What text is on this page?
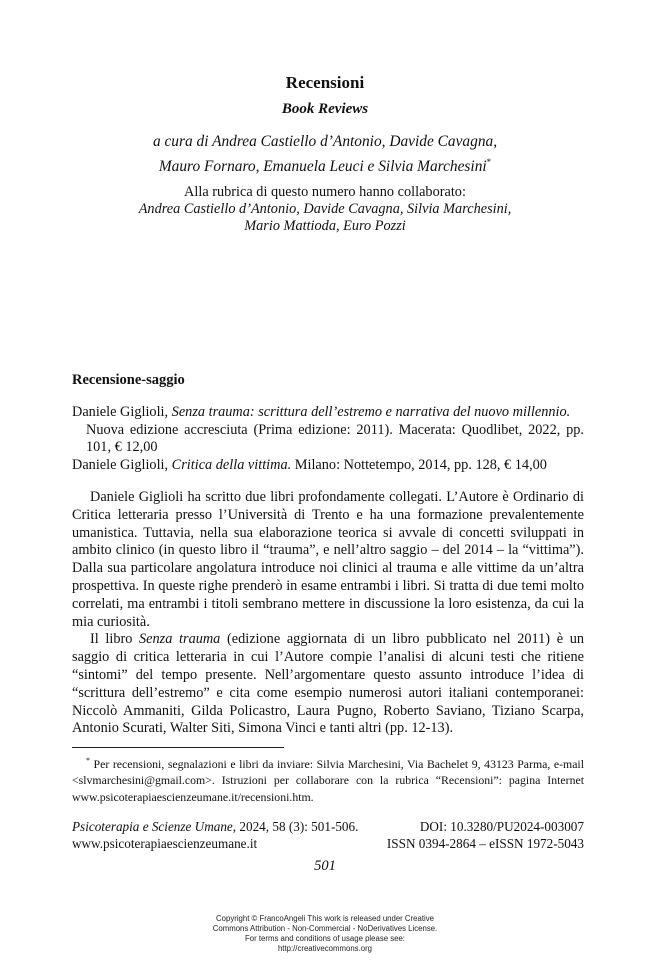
Recensioni
Book Reviews
a cura di Andrea Castiello d’Antonio, Davide Cavagna,
Mauro Fornaro, Emanuela Leuci e Silvia Marchesini*
Alla rubrica di questo numero hanno collaborato:
Andrea Castiello d’Antonio, Davide Cavagna, Silvia Marchesini,
Mario Mattioda, Euro Pozzi
Recensione-saggio
Daniele Giglioli, Senza trauma: scrittura dell’estremo e narrativa del nuovo millennio.
Nuova edizione accresciuta (Prima edizione: 2011). Macerata: Quodlibet, 2022, pp. 101, € 12,00
Daniele Giglioli, Critica della vittima. Milano: Nottetempo, 2014, pp. 128, € 14,00

Daniele Giglioli ha scritto due libri profondamente collegati. L’Autore è Ordinario di Critica letteraria presso l’Università di Trento e ha una formazione prevalentemente umanistica. Tuttavia, nella sua elaborazione teorica si avvale di concetti sviluppati in ambito clinico (in questo libro il “trauma”, e nell’altro saggio – del 2014 – la “vittima”). Dalla sua particolare angolatura introduce noi clinici al trauma e alle vittime da un’altra prospettiva. In queste righe prenderò in esame entrambi i libri. Si tratta di due temi molto correlati, ma entrambi i titoli sembrano mettere in discussione la loro esistenza, da cui la mia curiosità.

Il libro Senza trauma (edizione aggiornata di un libro pubblicato nel 2011) è un saggio di critica letteraria in cui l’Autore compie l’analisi di alcuni testi che ritiene “sintomi” del tempo presente. Nell’argomentare questo assunto introduce l’idea di “scrittura dell’estremo” e cita come esempio numerosi autori italiani contemporanei: Niccolò Ammaniti, Gilda Policastro, Laura Pugno, Roberto Saviano, Tiziano Scarpa, Antonio Scurati, Walter Siti, Simona Vinci e tanti altri (pp. 12-13).

* Per recensioni, segnalazioni e libri da inviare: Silvia Marchesini, Via Bachelet 9, 43123 Parma, e-mail <slvmarchesini@gmail.com>. Istruzioni per collaborare con la rubrica “Recensioni”: pagina Internet www.psicoterapiaescienzeumane.it/recensioni.htm.

Psicoterapia e Scienze Umane, 2024, 58 (3): 501-506.	DOI: 10.3280/PU2024-003007
www.psicoterapiaescienzeumane.it	ISSN 0394-2864 – eISSN 1972-5043
501
Copyright © FrancoAngeli This work is released under Creative
Commons Attribution - Non-Commercial - NoDerivatives License.
For terms and conditions of usage please see:
http://creativecommons.org
